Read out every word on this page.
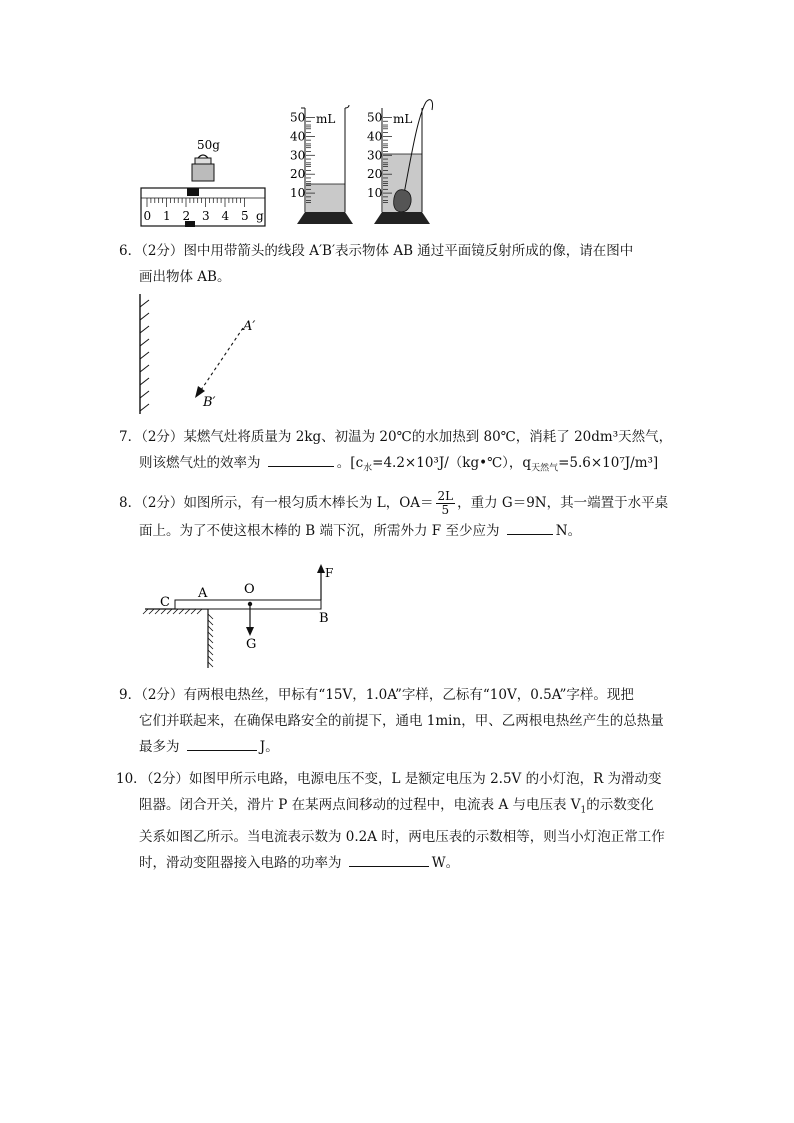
50g
0 1 2 3 4 5 g
mL
50
40
30
20
10
mL
50
40
30
20
10
6．（2分）图中用带箭头的线段 A′B′表示物体 AB 通过平面镜反射所成的像，请在图中
画出物体 AB。
A′
B′
7．（2分）某燃气灶将质量为 2kg、初温为 20℃的水加热到 80℃，消耗了 20dm³天然气，
则该燃气灶的效率为	。[$c_水=4.2\times 10^3J/(kg•℃)$，$q_{天然气}=5.6\times 10^7J/m^3$]
8．（2分）如图所示，有一根匀质木棒长为 L，$OA= \frac{2L}{5}$ ，重力 G＝9N，其一端置于水平桌
面上。为了不使这根木棒的 B 端下沉，所需外力 F 至少应为	N。
C
A	O
B
F
G
9．（2分）有两根电热丝，甲标有“15V，1.0A”字样，乙标有“10V，0.5A”字样。现把
它们并联起来，在确保电路安全的前提下，通电 1min，甲、乙两根电热丝产生的总热量
最多为	J。
10．（2分）如图甲所示电路，电源电压不变，L 是额定电压为 2.5V 的小灯泡，R 为滑动变
阻器。闭合开关，滑片 P 在某两点间移动的过程中，电流表 A 与电压表 $V_1$的示数变化
关系如图乙所示。当电流表示数为 0.2A 时，两电压表的示数相等，则当小灯泡正常工作
时，滑动变阻器接入电路的功率为	W。
